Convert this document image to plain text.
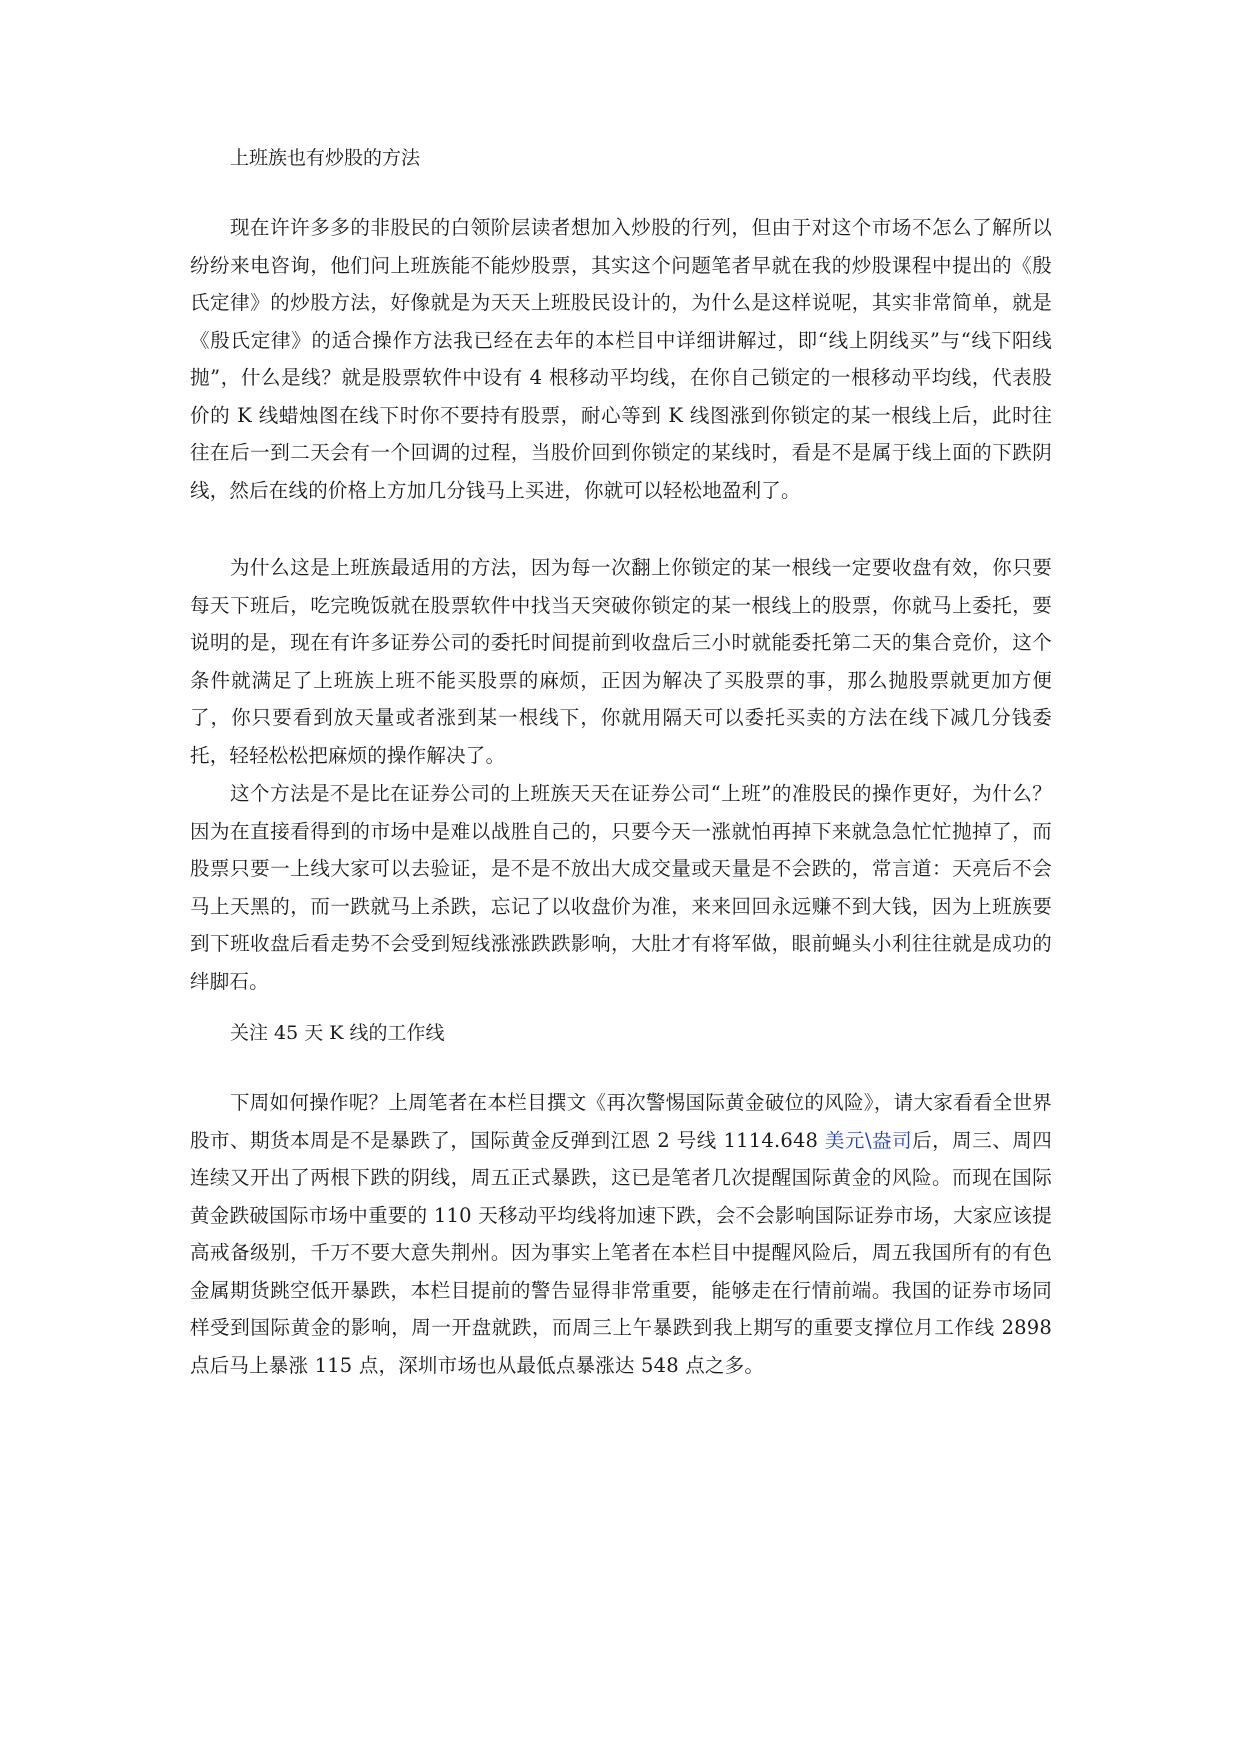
上班族也有炒股的方法

现在许许多多的非股民的白领阶层读者想加入炒股的行列，但由于对这个市场不怎么了解所以纷纷来电咨询，他们问上班族能不能炒股票，其实这个问题笔者早就在我的炒股课程中提出的《殷氏定律》的炒股方法，好像就是为天天上班股民设计的，为什么是这样说呢，其实非常简单，就是《殷氏定律》的适合操作方法我已经在去年的本栏目中详细讲解过，即“线上阴线买”与“线下阳线抛”，什么是线？就是股票软件中设有 4 根移动平均线，在你自己锁定的一根移动平均线，代表股价的 K 线蜡烛图在线下时你不要持有股票，耐心等到 K 线图涨到你锁定的某一根线上后，此时往往在后一到二天会有一个回调的过程，当股价回到你锁定的某线时，看是不是属于线上面的下跌阴线，然后在线的价格上方加几分钱马上买进，你就可以轻松地盈利了。

为什么这是上班族最适用的方法，因为每一次翻上你锁定的某一根线一定要收盘有效，你只要每天下班后，吃完晚饭就在股票软件中找当天突破你锁定的某一根线上的股票，你就马上委托，要说明的是，现在有许多证券公司的委托时间提前到收盘后三小时就能委托第二天的集合竞价，这个条件就满足了上班族上班不能买股票的麻烦，正因为解决了买股票的事，那么抛股票就更加方便了，你只要看到放天量或者涨到某一根线下，你就用隔天可以委托买卖的方法在线下减几分钱委托，轻轻松松把麻烦的操作解决了。

这个方法是不是比在证券公司的上班族天天在证券公司“上班”的准股民的操作更好，为什么？因为在直接看得到的市场中是难以战胜自己的，只要今天一涨就怕再掉下来就急急忙忙抛掉了，而股票只要一上线大家可以去验证，是不是不放出大成交量或天量是不会跌的，常言道：天亮后不会马上天黑的，而一跌就马上杀跌，忘记了以收盘价为准，来来回回永远赚不到大钱，因为上班族要到下班收盘后看走势不会受到短线涨涨跌跌影响，大肚才有将军做，眼前蝇头小利往往就是成功的绊脚石。

关注 45 天 K 线的工作线

下周如何操作呢？上周笔者在本栏目撰文《再次警惕国际黄金破位的风险》，请大家看看全世界股市、期货本周是不是暴跌了，国际黄金反弹到江恩 2 号线 1114.648 美元\盎司后，周三、周四连续又开出了两根下跌的阴线，周五正式暴跌，这已是笔者几次提醒国际黄金的风险。而现在国际黄金跌破国际市场中重要的 110 天移动平均线将加速下跌，会不会影响国际证券市场，大家应该提高戒备级别，千万不要大意失荆州。因为事实上笔者在本栏目中提醒风险后，周五我国所有的有色金属期货跳空低开暴跌，本栏目提前的警告显得非常重要，能够走在行情前端。我国的证券市场同样受到国际黄金的影响，周一开盘就跌，而周三上午暴跌到我上期写的重要支撑位月工作线 2898 点后马上暴涨 115 点，深圳市场也从最低点暴涨达 548 点之多。
